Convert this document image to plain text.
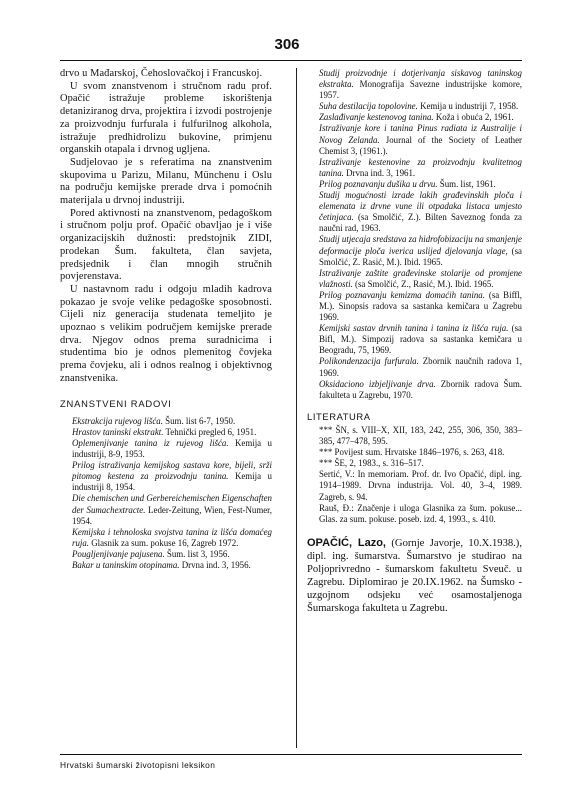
306

drvo u Mađarskoj, Čehoslovačkoj i Francuskoj.

U svom znanstvenom i stručnom radu prof. Opačić istražuje probleme iskorištenja detaniziranog drva, projektira i izvodi postrojenje za proizvodnju furfurala i fulfurilnog alkohola, istražuje predhidrolizu bukovine, primjenu organskih otapala i drvnog ugljena.

Sudjelovao je s referatima na znanstvenim skupovima u Parizu, Milanu, Münchenu i Oslu na području kemijske prerade drva i pomoćnih materijala u drvnoj industriji.

Pored aktivnosti na znanstvenom, pedagoškom i stručnom polju prof. Opačić obavljao je i više organizacijskih dužnosti: predstojnik ZIDI, prodekan Šum. fakulteta, član savjeta, predsjednik i član mnogih stručnih povjerenstava.

U nastavnom radu i odgoju mladih kadrova pokazao je svoje velike pedagoške sposobnosti. Cijeli niz generacija studenata temeljito je upoznao s velikim područjem kemijske prerade drva. Njegov odnos prema suradnicima i studentima bio je odnos plemenitog čovjeka prema čovjeku, ali i odnos realnog i objektivnog znanstvenika.

ZNANSTVENI RADOVI

Ekstrakcija rujevog lišća. Šum. list 6-7, 1950.

Hrastov taninski ekstrakt. Tehnički pregled 6, 1951.

Oplemenjivanje tanina iz rujevog lišća. Kemija u industriji, 8-9, 1953.

Prilog istraživanja kemijskog sastava kore, bijeli, srži pitomog kestena za proizvodnju tanina. Kemija u industriji 8, 1954.

Die chemischen und Gerbereichemischen Eigenschaften der Sumachextracte. Leder-Zeitung, Wien, Fest-Numer, 1954.

Kemijska i tehnoloska svojstva tanina iz lišća domaćeg ruja. Glasnik za sum. pokuse 16, Zagreb 1972.

Pougljenjivanje pajusena. Šum. list 3, 1956.

Bakar u taninskim otopinama. Drvna ind. 3, 1956.

Studij proizvodnje i dotjerivanja siskavog taninskog ekstrakta. Monografija Savezne industrijske komore, 1957.

Suha destilacija topolovine. Kemija u industriji 7, 1958.

Zaslađivanje kestenovog tanina. Koža i obuća 2, 1961.

Istraživanje kore i tanina Pinus radiata iz Australije i Novog Zelanda. Journal of the Society of Leather Chemist 3, (1961.).

Istraživanje kestenovine za proizvodnju kvalitetnog tanina. Drvna ind. 3, 1961.

Prilog poznavanju dušika u drvu. Šum. list, 1961.

Studij mogućnosti izrade lakih građevinskih ploča i elemenata iz drvne vune ili otpadaka listaca umjesto četinjaca. (sa Smolčić, Z.). Bilten Saveznog fonda za naučni rad, 1963.

Studij utjecaja sredstava za hidrofobizaciju na smanjenje deformacije ploča iverica uslijed djelovanja vlage, (sa Smolčić, Z. Rasić, M.). Ibid. 1965.

Istraživanje zaštite građevinske stolarije od promjene vlažnosti. (sa Smolčić, Z., Rasić, M.). Ibid. 1965.

Prilog poznavanju kemizma domaćih tanina. (sa Biffl, M.). Sinopsis radova sa sastanka kemičara u Zagrebu 1969.

Kemijski sastav drvnih tanina i tanina iz lišća ruja. (sa Bifl, M.). Simpozij radova sa sastanka kemičara u Beogradu, 75, 1969.

Polikondenzacija furfurala. Zbornik naučnih radova 1, 1969.

Oksidaciono izbjeljivanje drva. Zbornik radova Šum. fakulteta u Zagrebu, 1970.

LITERATURA

*** ŠN, s. VIII–X, XII, 183, 242, 255, 306, 350, 383–385, 477–478, 595.

*** Povijest sum. Hrvatske 1846–1976, s. 263, 418.

*** ŠE, 2, 1983., s. 316–517.

Sertić, V.: In memoriam. Prof. dr. Ivo Opačić, dipl. ing. 1914–1989. Drvna industrija. Vol. 40, 3–4, 1989. Zagreb, s. 94.

Rauš, Đ.: Značenje i uloga Glasnika za šum. pokuse... Glas. za sum. pokuse. poseb. izd. 4, 1993., s. 410.

OPAČIĆ, Lazo, (Gornje Javorje, 10.X.1938.), dipl. ing. šumarstva. Šumarstvo je studirao na Poljoprivredno - šumarskom fakultetu Sveuč. u Zagrebu. Diplomirao je 20.IX.1962. na Šumsko - uzgojnom odsjeku već osamostaljenoga Šumarskoga fakulteta u Zagrebu.

Hrvatski šumarski životopisni leksikon
